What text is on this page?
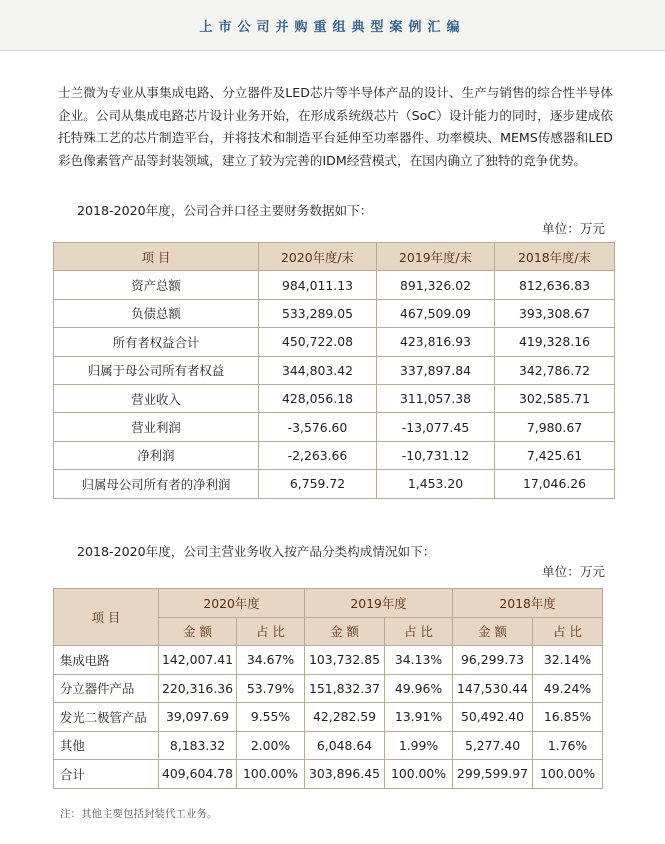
上市公司并购重组典型案例汇编
士兰微为专业从事集成电路、分立器件及LED芯片等半导体产品的设计、生产与销售的综合性半导体企业。公司从集成电路芯片设计业务开始，在形成系统级芯片（SoC）设计能力的同时，逐步建成依托特殊工艺的芯片制造平台，并将技术和制造平台延伸至功率器件、功率模块、MEMS传感器和LED彩色像素管产品等封装领域，建立了较为完善的IDM经营模式，在国内确立了独特的竞争优势。
2018-2020年度，公司合并口径主要财务数据如下：
单位：万元
项 目	2020年度/末	2019年度/末	2018年度/末
资产总额	984,011.13	891,326.02	812,636.83
负债总额	533,289.05	467,509.09	393,308.67
所有者权益合计	450,722.08	423,816.93	419,328.16
归属于母公司所有者权益	344,803.42	337,897.84	342,786.72
营业收入	428,056.18	311,057.38	302,585.71
营业利润	-3,576.60	-13,077.45	7,980.67
净利润	-2,263.66	-10,731.12	7,425.61
归属母公司所有者的净利润	6,759.72	1,453.20	17,046.26
2018-2020年度，公司主营业务收入按产品分类构成情况如下：
单位：万元
项 目	2020年度		2019年度		2018年度	
	金 额	占 比	金 额	占 比	金 额	占 比
集成电路	142,007.41	34.67%	103,732.85	34.13%	96,299.73	32.14%
分立器件产品	220,316.36	53.79%	151,832.37	49.96%	147,530.44	49.24%
发光二极管产品	39,097.69	9.55%	42,282.59	13.91%	50,492.40	16.85%
其他	8,183.32	2.00%	6,048.64	1.99%	5,277.40	1.76%
合计	409,604.78	100.00%	303,896.45	100.00%	299,599.97	100.00%
注：其他主要包括封装代工业务。
